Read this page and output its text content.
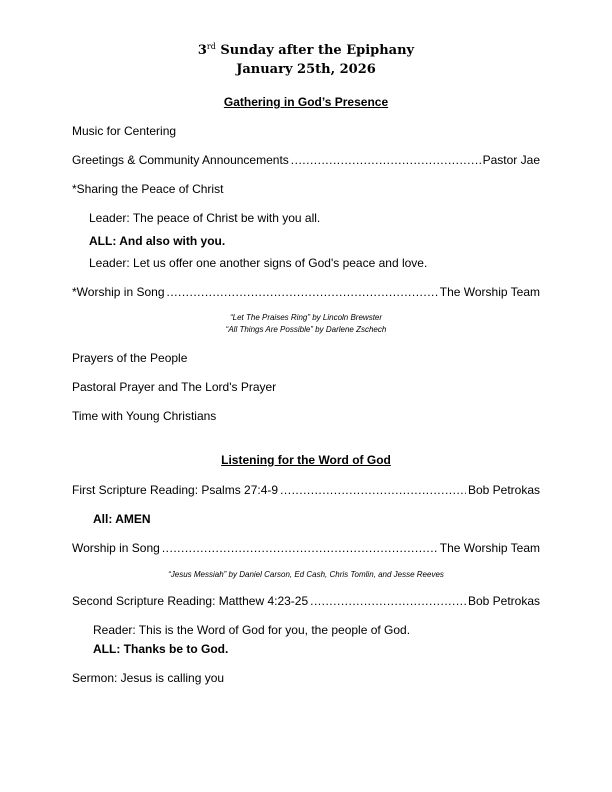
3rd Sunday after the Epiphany
January 25th, 2026
Gathering in God’s Presence
Music for Centering
Greetings & Community Announcements .....	Pastor Jae
*Sharing the Peace of Christ
Leader: The peace of Christ be with you all.
ALL: And also with you.
Leader: Let us offer one another signs of God's peace and love.
*Worship in Song .....	The Worship Team
“Let The Praises Ring” by Lincoln Brewster
“All Things Are Possible” by Darlene Zschech
Prayers of the People
Pastoral Prayer and The Lord's Prayer
Time with Young Christians
Listening for the Word of God
First Scripture Reading: Psalms 27:4-9 .....	Bob Petrokas
All: AMEN
Worship in Song .....	The Worship Team
“Jesus Messiah” by Daniel Carson, Ed Cash, Chris Tomlin, and Jesse Reeves
Second Scripture Reading: Matthew 4:23-25 .....	Bob Petrokas
Reader: This is the Word of God for you, the people of God.
ALL: Thanks be to God.
Sermon: Jesus is calling you
